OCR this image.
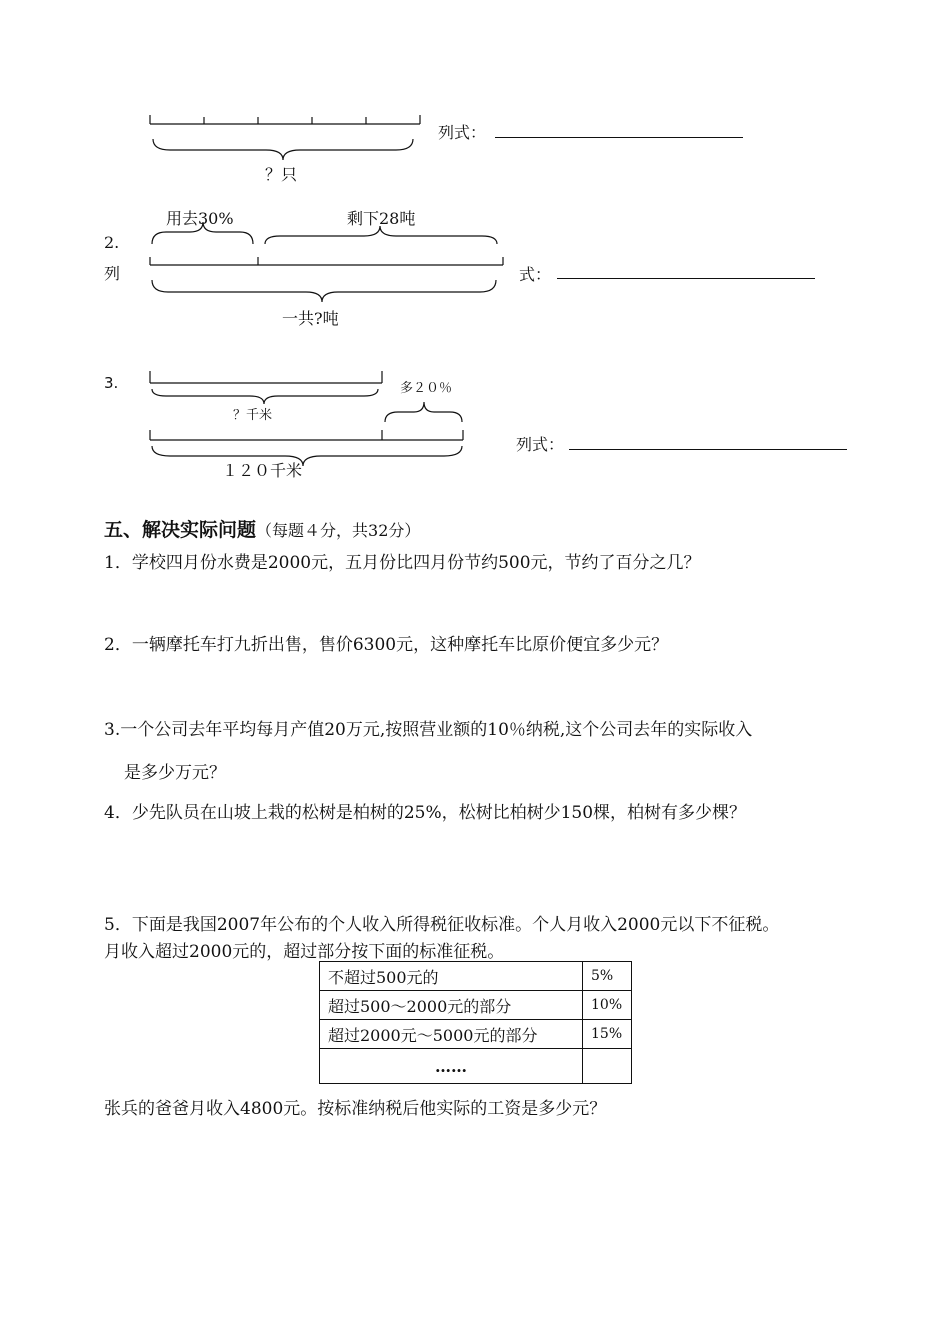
？只
列式：
用去30%	剩下28吨
2.
列
一共?吨
式：
3.
？千米
多２０％
１２０千米
列式：
五、解决实际问题（每题４分，共32分）
1．学校四月份水费是2000元，五月份比四月份节约500元，节约了百分之几？
2．一辆摩托车打九折出售，售价6300元，这种摩托车比原价便宜多少元？
3.一个公司去年平均每月产值20万元,按照营业额的10％纳税,这个公司去年的实际收入
是多少万元？
4．少先队员在山坡上栽的松树是柏树的25%，松树比柏树少150棵，柏树有多少棵？
5．下面是我国2007年公布的个人收入所得税征收标准。个人月收入2000元以下不征税。
月收入超过2000元的，超过部分按下面的标准征税。
不超过500元的	5%
超过500～2000元的部分	10%
超过2000元～5000元的部分	15%
……	
张兵的爸爸月收入4800元。按标准纳税后他实际的工资是多少元？
